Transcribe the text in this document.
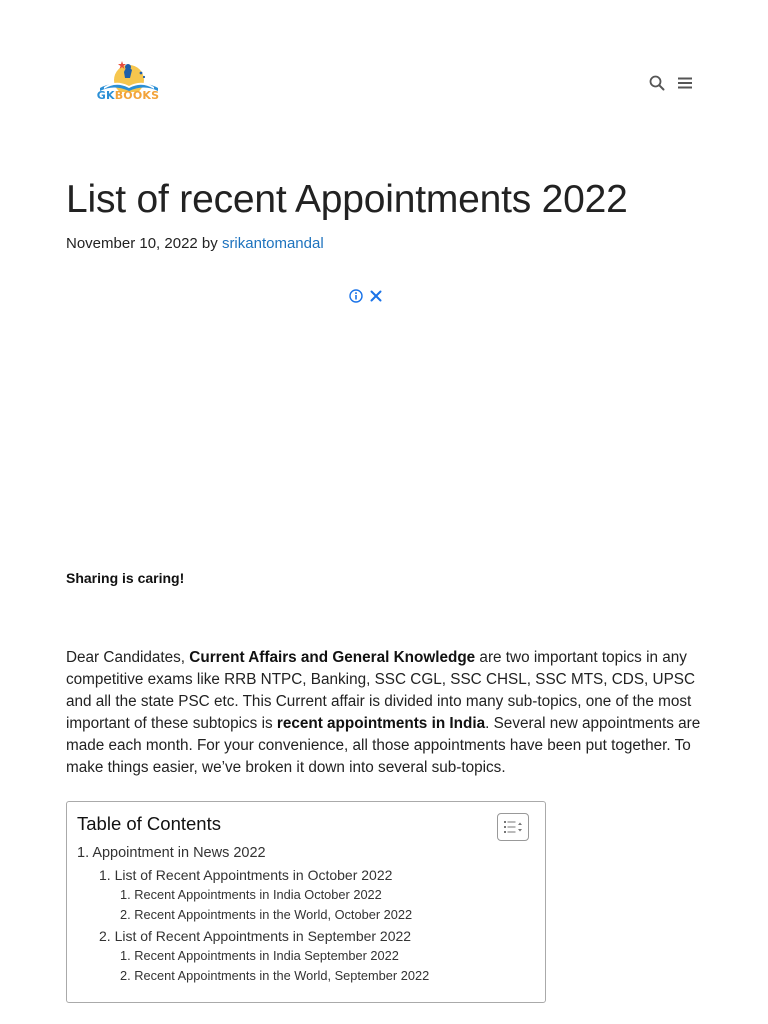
GKBOOKS
List of recent Appointments 2022
November 10, 2022 by srikantomandal
Sharing is caring!

Dear Candidates, Current Affairs and General Knowledge are two important topics in any competitive exams like RRB NTPC, Banking, SSC CGL, SSC CHSL, SSC MTS, CDS, UPSC and all the state PSC etc. This Current affair is divided into many sub-topics, one of the most important of these subtopics is recent appointments in India. Several new appointments are made each month. For your convenience, all those appointments have been put together. To make things easier, we’ve broken it down into several sub-topics.

Table of Contents
1. Appointment in News 2022
1. List of Recent Appointments in October 2022
1. Recent Appointments in India October 2022
2. Recent Appointments in the World, October 2022
2. List of Recent Appointments in September 2022
1. Recent Appointments in India September 2022
2. Recent Appointments in the World, September 2022
